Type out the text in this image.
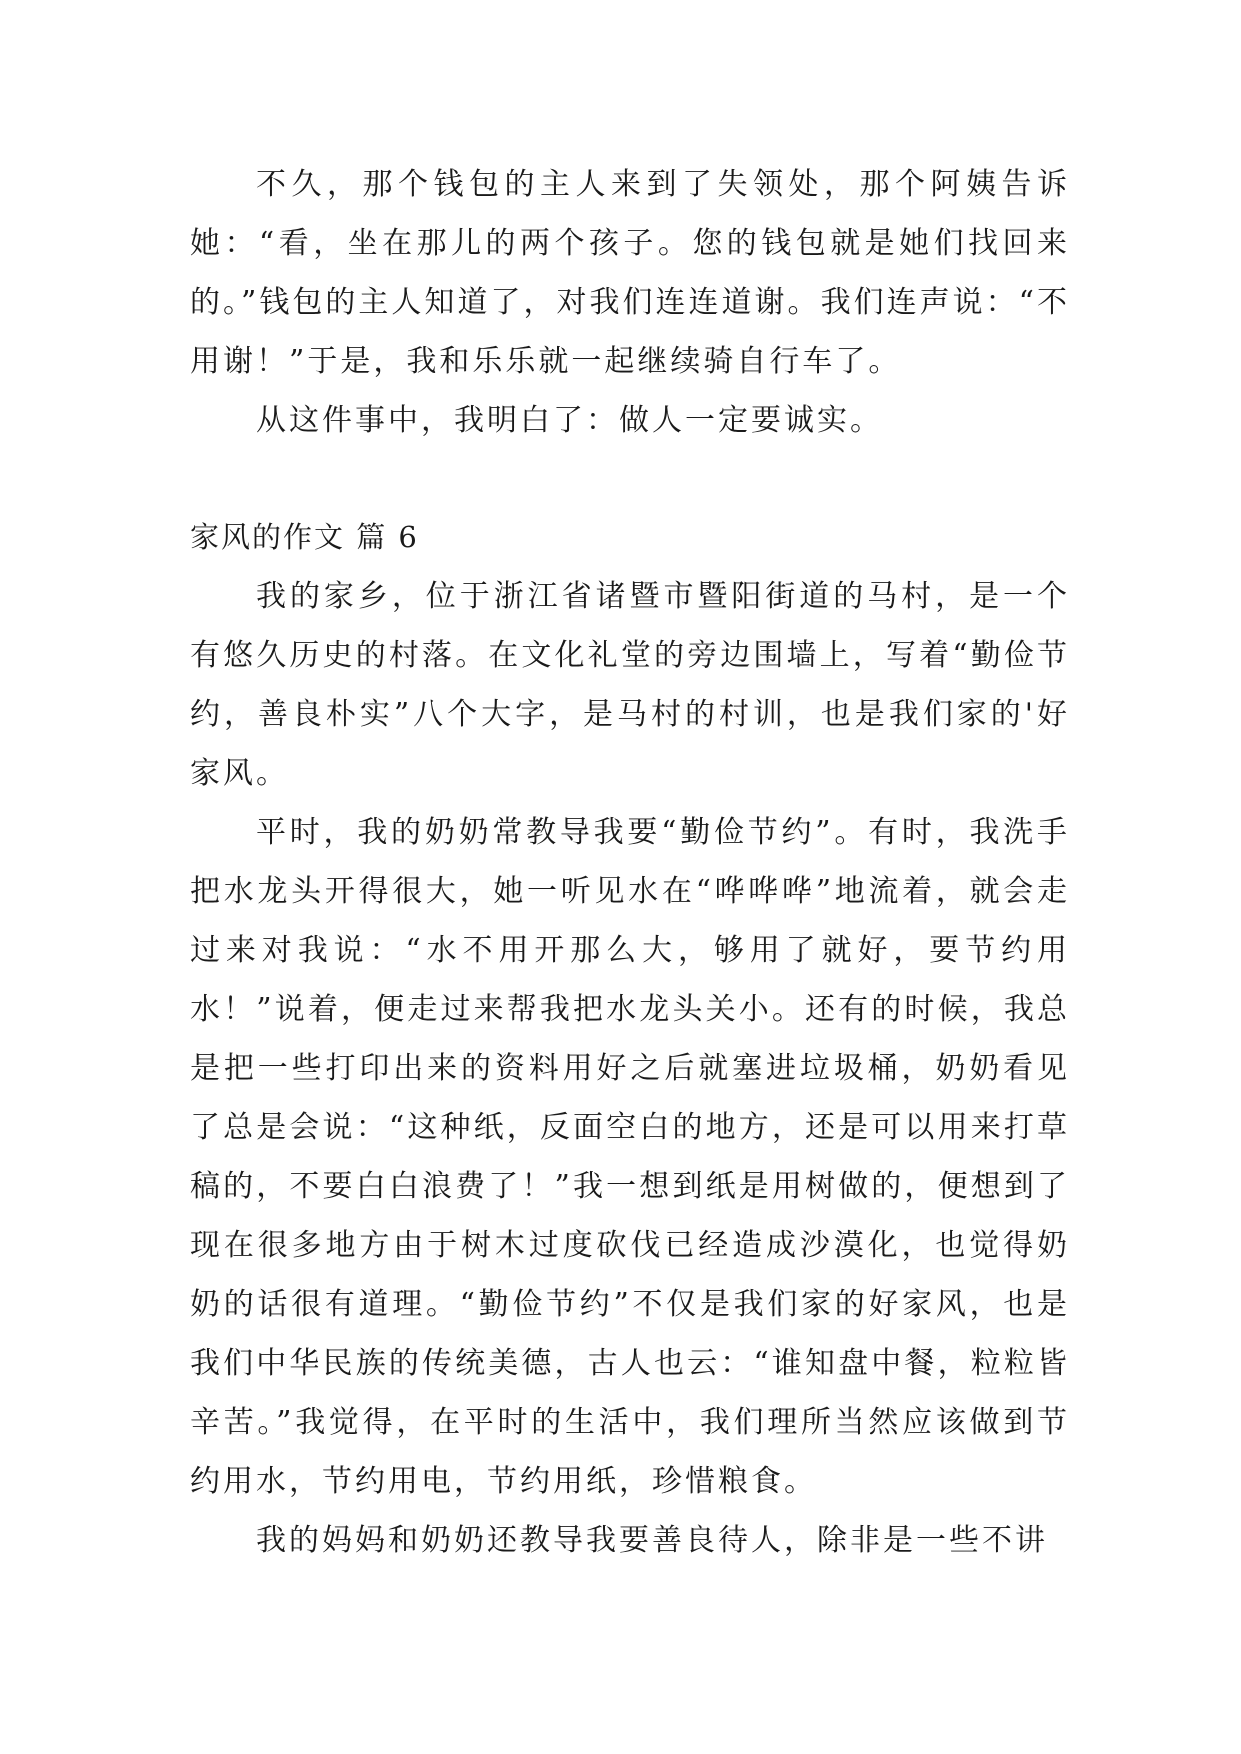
不久，那个钱包的主人来到了失领处，那个阿姨告诉她：“看，坐在那儿的两个孩子。您的钱包就是她们找回来的。”钱包的主人知道了，对我们连连道谢。我们连声说：“不用谢！”于是，我和乐乐就一起继续骑自行车了。

从这件事中，我明白了：做人一定要诚实。

家风的作文 篇 6

我的家乡，位于浙江省诸暨市暨阳街道的马村，是一个有悠久历史的村落。在文化礼堂的旁边围墙上，写着“勤俭节约，善良朴实”八个大字，是马村的村训，也是我们家的'好家风。

平时，我的奶奶常教导我要“勤俭节约”。有时，我洗手把水龙头开得很大，她一听见水在“哗哗哗”地流着，就会走过来对我说：“水不用开那么大，够用了就好，要节约用水！”说着，便走过来帮我把水龙头关小。还有的时候，我总是把一些打印出来的资料用好之后就塞进垃圾桶，奶奶看见了总是会说：“这种纸，反面空白的地方，还是可以用来打草稿的，不要白白浪费了！”我一想到纸是用树做的，便想到了现在很多地方由于树木过度砍伐已经造成沙漠化，也觉得奶奶的话很有道理。“勤俭节约”不仅是我们家的好家风，也是我们中华民族的传统美德，古人也云：“谁知盘中餐，粒粒皆辛苦。”我觉得，在平时的生活中，我们理所当然应该做到节约用水，节约用电，节约用纸，珍惜粮食。

我的妈妈和奶奶还教导我要善良待人，除非是一些不讲
